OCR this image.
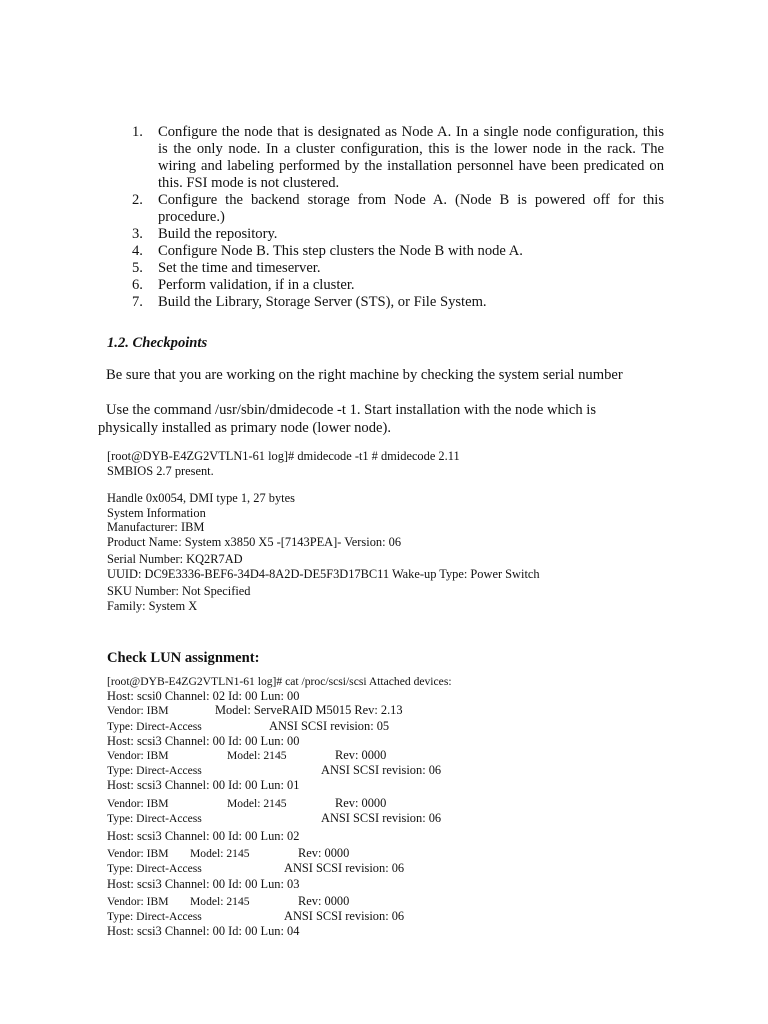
1. Configure the node that is designated as Node A. In a single node configuration, this is the only node. In a cluster configuration, this is the lower node in the rack. The wiring and labeling performed by the installation personnel have been predicated on this. FSI mode is not clustered.
2. Configure the backend storage from Node A. (Node B is powered off for this procedure.)
3. Build the repository.
4. Configure Node B. This step clusters the Node B with node A.
5. Set the time and timeserver.
6. Perform validation, if in a cluster.
7. Build the Library, Storage Server (STS), or File System.
1.2. Checkpoints
Be sure that you are working on the right machine by checking the system serial number
Use the command /usr/sbin/dmidecode -t 1. Start installation with the node which is physically installed as primary node (lower node).
[root@DYB-E4ZG2VTLN1-61 log]# dmidecode -t1 # dmidecode 2.11
SMBIOS 2.7 present.
Handle 0x0054, DMI type 1, 27 bytes
System Information
Manufacturer: IBM
Product Name: System x3850 X5 -[7143PEA]- Version: 06
Serial Number: KQ2R7AD
UUID: DC9E3336-BEF6-34D4-8A2D-DE5F3D17BC11 Wake-up Type: Power Switch
SKU Number: Not Specified
Family: System X
Check LUN assignment:
[root@DYB-E4ZG2VTLN1-61 log]# cat /proc/scsi/scsi Attached devices:
Host: scsi0 Channel: 02 Id: 00 Lun: 00
Vendor: IBM	Model: ServeRAID M5015 Rev: 2.13
Type: Direct-Access	ANSI SCSI revision: 05
Host: scsi3 Channel: 00 Id: 00 Lun: 00
Vendor: IBM	Model: 2145	Rev: 0000
Type: Direct-Access	ANSI SCSI revision: 06
Host: scsi3 Channel: 00 Id: 00 Lun: 01
Vendor: IBM	Model: 2145	Rev: 0000
Type: Direct-Access	ANSI SCSI revision: 06
Host: scsi3 Channel: 00 Id: 00 Lun: 02
Vendor: IBM Model: 2145	Rev: 0000
Type: Direct-Access	ANSI SCSI revision: 06
Host: scsi3 Channel: 00 Id: 00 Lun: 03
Vendor: IBM Model: 2145	Rev: 0000
Type: Direct-Access	ANSI SCSI revision: 06
Host: scsi3 Channel: 00 Id: 00 Lun: 04
